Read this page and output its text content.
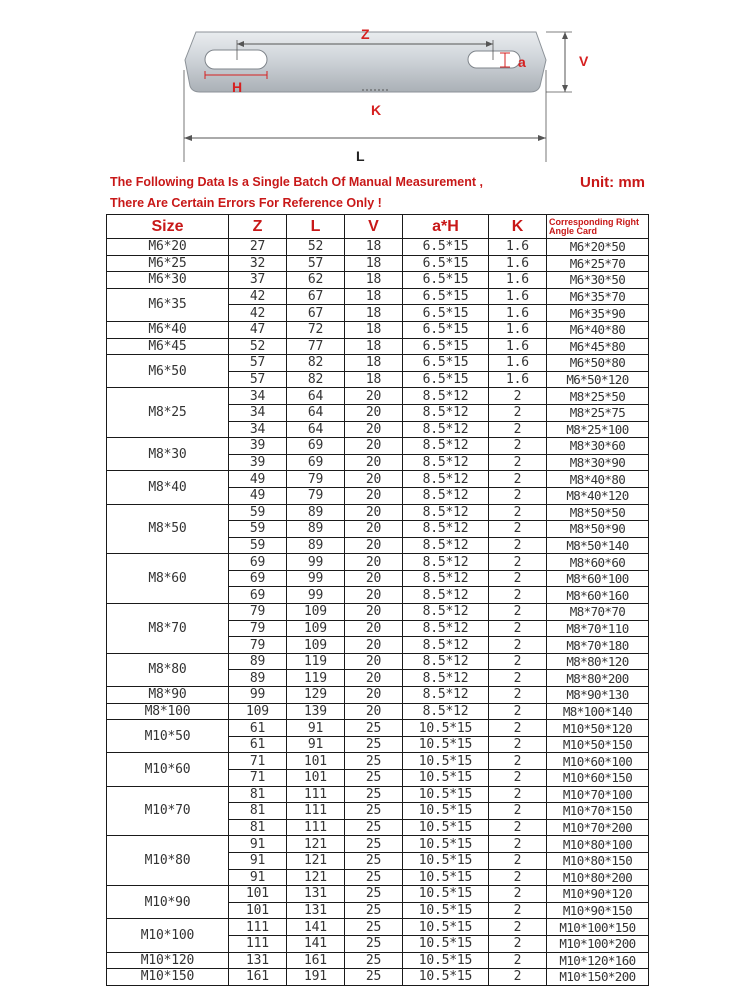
Z
a	V
H
K
L
The Following Data Is a Single Batch Of Manual Measurement ,
There Are Certain Errors For Reference Only !
Unit: mm
Size	Z	L	V	a*H	K	Corresponding Right Angle Card
M6*20	27	52	18	6.5*15	1.6	M6*20*50
M6*25	32	57	18	6.5*15	1.6	M6*25*70
M6*30	37	62	18	6.5*15	1.6	M6*30*50
M6*35	42	67	18	6.5*15	1.6	M6*35*70
	42	67	18	6.5*15	1.6	M6*35*90
M6*40	47	72	18	6.5*15	1.6	M6*40*80
M6*45	52	77	18	6.5*15	1.6	M6*45*80
M6*50	57	82	18	6.5*15	1.6	M6*50*80
	57	82	18	6.5*15	1.6	M6*50*120
M8*25	34	64	20	8.5*12	2	M8*25*50
	34	64	20	8.5*12	2	M8*25*75
	34	64	20	8.5*12	2	M8*25*100
M8*30	39	69	20	8.5*12	2	M8*30*60
	39	69	20	8.5*12	2	M8*30*90
M8*40	49	79	20	8.5*12	2	M8*40*80
	49	79	20	8.5*12	2	M8*40*120
M8*50	59	89	20	8.5*12	2	M8*50*50
	59	89	20	8.5*12	2	M8*50*90
	59	89	20	8.5*12	2	M8*50*140
M8*60	69	99	20	8.5*12	2	M8*60*60
	69	99	20	8.5*12	2	M8*60*100
	69	99	20	8.5*12	2	M8*60*160
M8*70	79	109	20	8.5*12	2	M8*70*70
	79	109	20	8.5*12	2	M8*70*110
	79	109	20	8.5*12	2	M8*70*180
M8*80	89	119	20	8.5*12	2	M8*80*120
	89	119	20	8.5*12	2	M8*80*200
M8*90	99	129	20	8.5*12	2	M8*90*130
M8*100	109	139	20	8.5*12	2	M8*100*140
M10*50	61	91	25	10.5*15	2	M10*50*120
	61	91	25	10.5*15	2	M10*50*150
M10*60	71	101	25	10.5*15	2	M10*60*100
	71	101	25	10.5*15	2	M10*60*150
M10*70	81	111	25	10.5*15	2	M10*70*100
	81	111	25	10.5*15	2	M10*70*150
	81	111	25	10.5*15	2	M10*70*200
M10*80	91	121	25	10.5*15	2	M10*80*100
	91	121	25	10.5*15	2	M10*80*150
	91	121	25	10.5*15	2	M10*80*200
M10*90	101	131	25	10.5*15	2	M10*90*120
	101	131	25	10.5*15	2	M10*90*150
M10*100	111	141	25	10.5*15	2	M10*100*150
	111	141	25	10.5*15	2	M10*100*200
M10*120	131	161	25	10.5*15	2	M10*120*160
M10*150	161	191	25	10.5*15	2	M10*150*200
